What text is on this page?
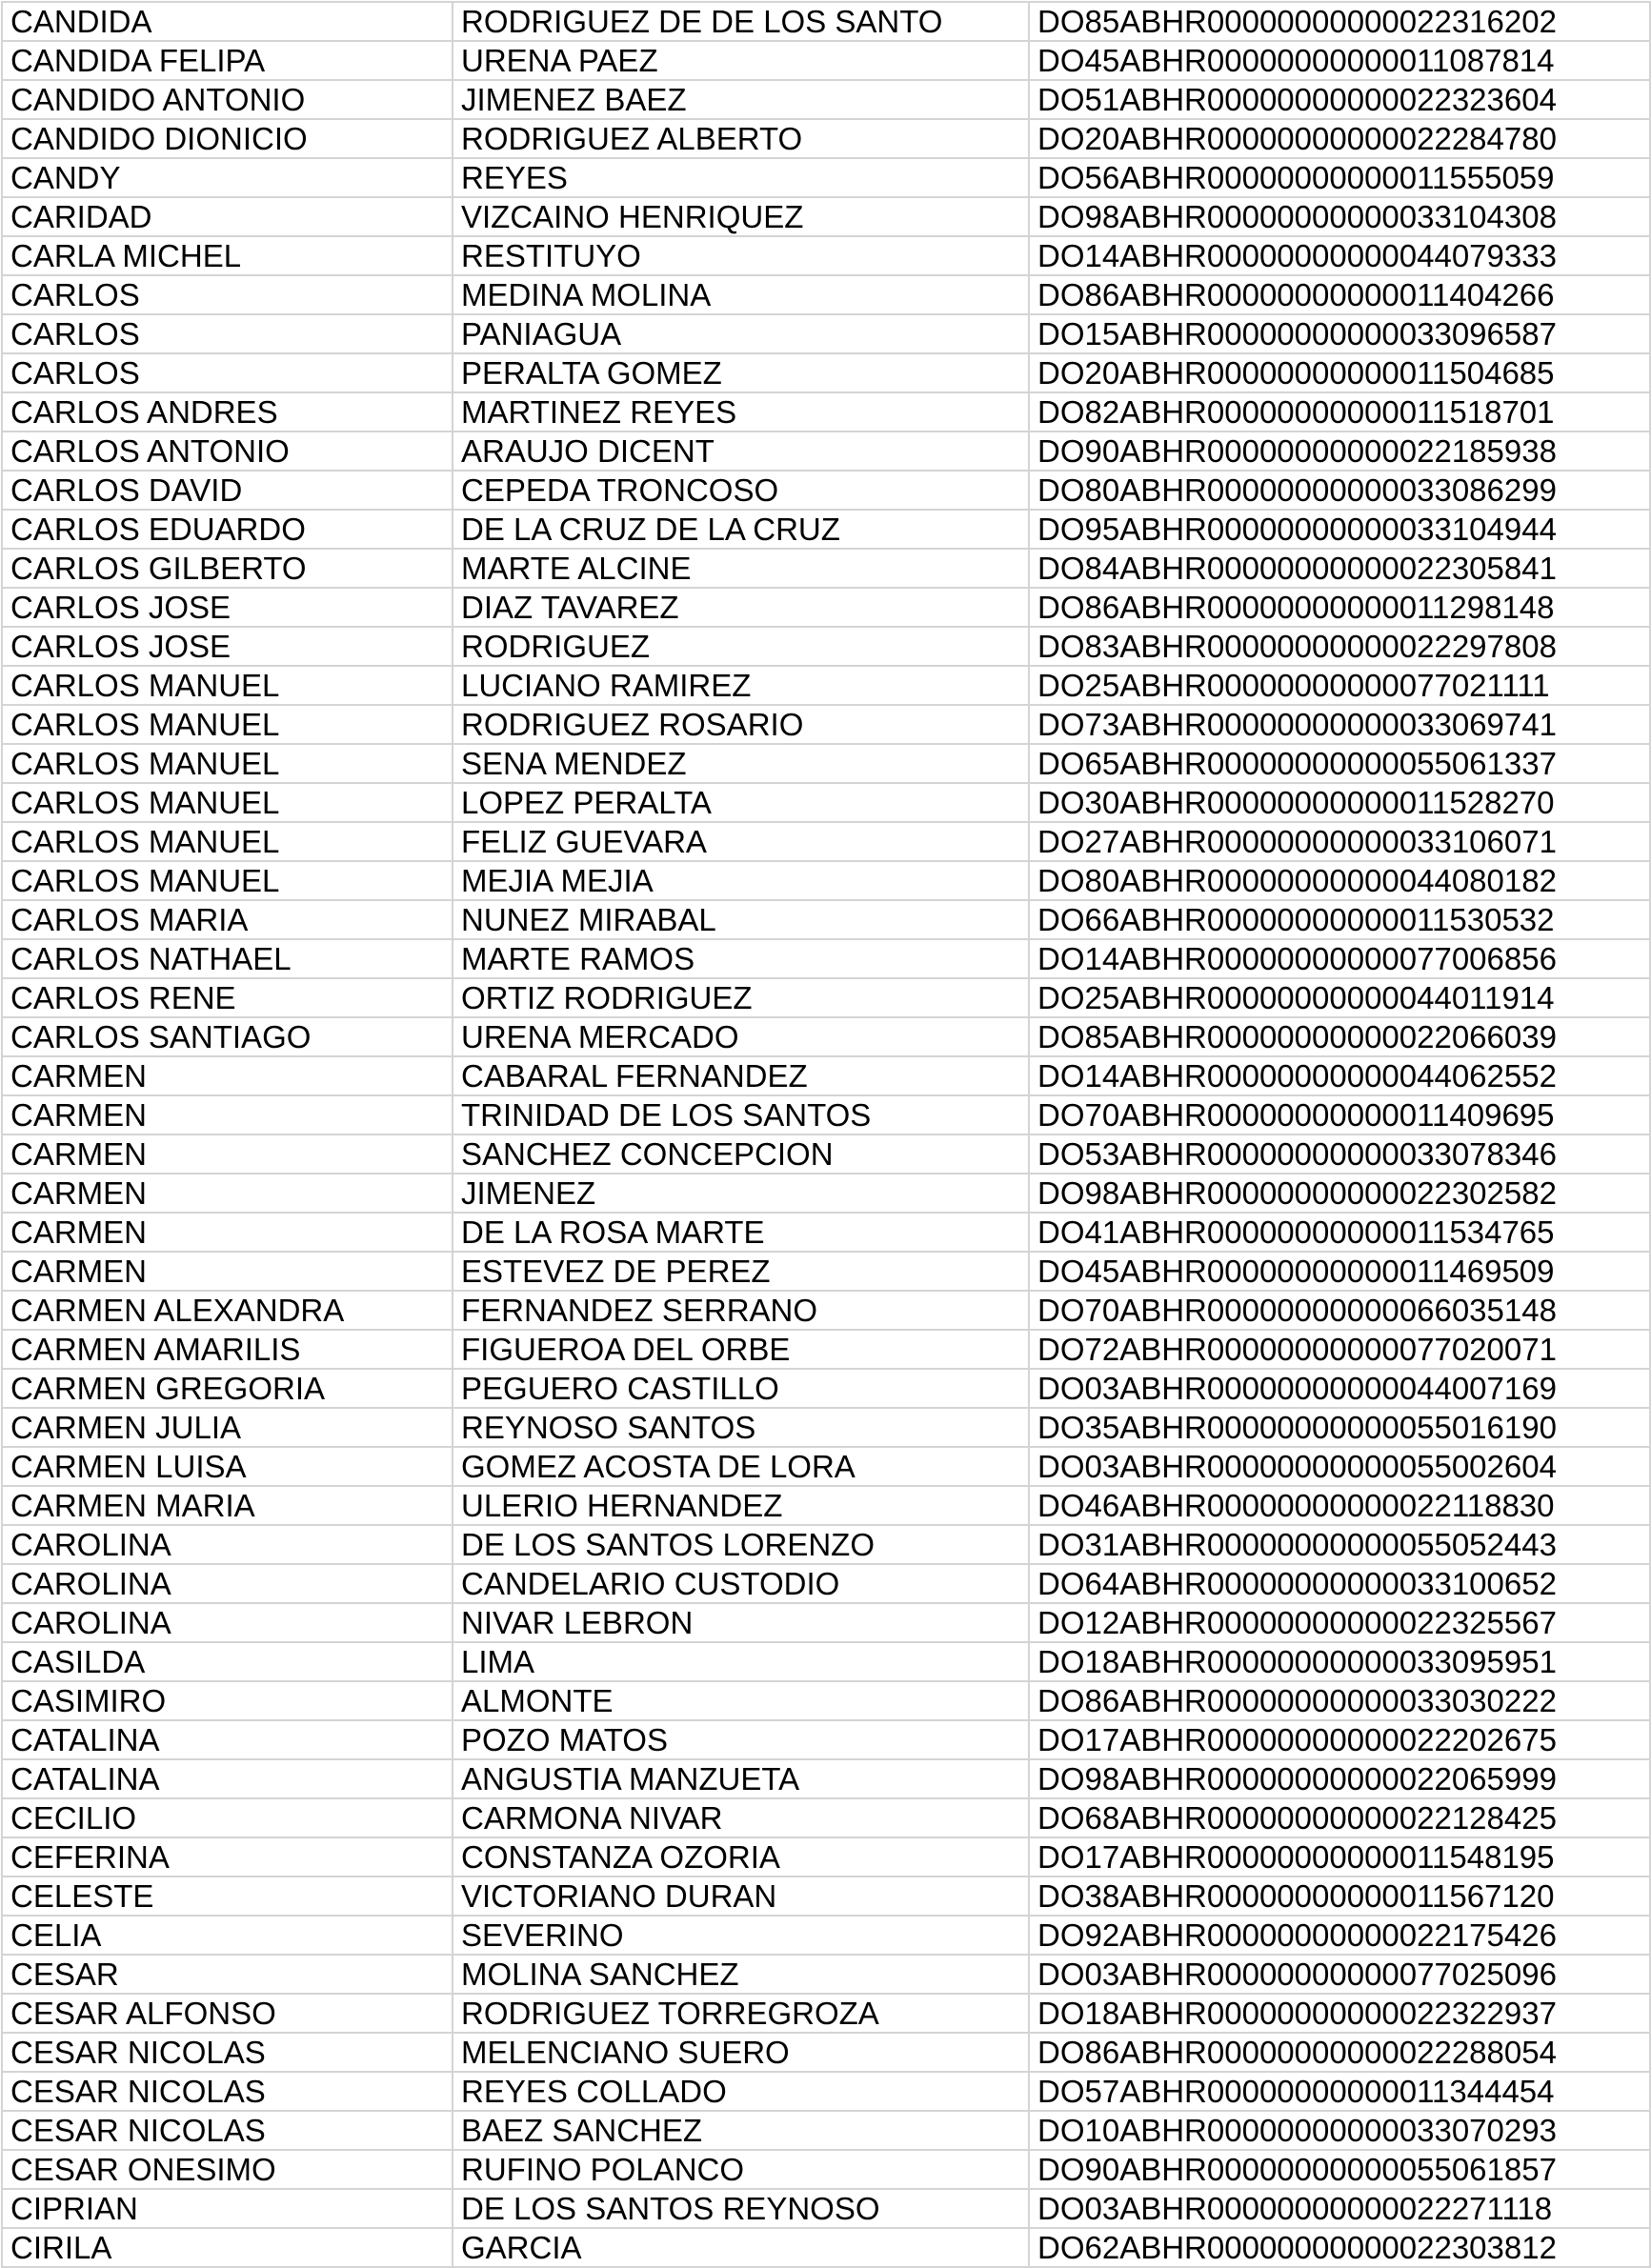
CANDIDA	RODRIGUEZ DE DE LOS SANTO	DO85ABHR00000000000022316202
CANDIDA FELIPA	URENA PAEZ	DO45ABHR00000000000011087814
CANDIDO ANTONIO	JIMENEZ BAEZ	DO51ABHR00000000000022323604
CANDIDO DIONICIO	RODRIGUEZ ALBERTO	DO20ABHR00000000000022284780
CANDY	REYES	DO56ABHR00000000000011555059
CARIDAD	VIZCAINO HENRIQUEZ	DO98ABHR00000000000033104308
CARLA MICHEL	RESTITUYO	DO14ABHR00000000000044079333
CARLOS	MEDINA MOLINA	DO86ABHR00000000000011404266
CARLOS	PANIAGUA	DO15ABHR00000000000033096587
CARLOS	PERALTA GOMEZ	DO20ABHR00000000000011504685
CARLOS ANDRES	MARTINEZ REYES	DO82ABHR00000000000011518701
CARLOS ANTONIO	ARAUJO DICENT	DO90ABHR00000000000022185938
CARLOS DAVID	CEPEDA TRONCOSO	DO80ABHR00000000000033086299
CARLOS EDUARDO	DE LA CRUZ DE LA CRUZ	DO95ABHR00000000000033104944
CARLOS GILBERTO	MARTE ALCINE	DO84ABHR00000000000022305841
CARLOS JOSE	DIAZ TAVAREZ	DO86ABHR00000000000011298148
CARLOS JOSE	RODRIGUEZ	DO83ABHR00000000000022297808
CARLOS MANUEL	LUCIANO RAMIREZ	DO25ABHR00000000000077021111
CARLOS MANUEL	RODRIGUEZ ROSARIO	DO73ABHR00000000000033069741
CARLOS MANUEL	SENA MENDEZ	DO65ABHR00000000000055061337
CARLOS MANUEL	LOPEZ PERALTA	DO30ABHR00000000000011528270
CARLOS MANUEL	FELIZ GUEVARA	DO27ABHR00000000000033106071
CARLOS MANUEL	MEJIA MEJIA	DO80ABHR00000000000044080182
CARLOS MARIA	NUNEZ MIRABAL	DO66ABHR00000000000011530532
CARLOS NATHAEL	MARTE RAMOS	DO14ABHR00000000000077006856
CARLOS RENE	ORTIZ RODRIGUEZ	DO25ABHR00000000000044011914
CARLOS SANTIAGO	URENA MERCADO	DO85ABHR00000000000022066039
CARMEN	CABARAL FERNANDEZ	DO14ABHR00000000000044062552
CARMEN	TRINIDAD DE LOS SANTOS	DO70ABHR00000000000011409695
CARMEN	SANCHEZ CONCEPCION	DO53ABHR00000000000033078346
CARMEN	JIMENEZ	DO98ABHR00000000000022302582
CARMEN	DE LA ROSA MARTE	DO41ABHR00000000000011534765
CARMEN	ESTEVEZ DE PEREZ	DO45ABHR00000000000011469509
CARMEN ALEXANDRA	FERNANDEZ SERRANO	DO70ABHR00000000000066035148
CARMEN AMARILIS	FIGUEROA DEL ORBE	DO72ABHR00000000000077020071
CARMEN GREGORIA	PEGUERO CASTILLO	DO03ABHR00000000000044007169
CARMEN JULIA	REYNOSO SANTOS	DO35ABHR00000000000055016190
CARMEN LUISA	GOMEZ ACOSTA DE LORA	DO03ABHR00000000000055002604
CARMEN MARIA	ULERIO HERNANDEZ	DO46ABHR00000000000022118830
CAROLINA	DE LOS SANTOS LORENZO	DO31ABHR00000000000055052443
CAROLINA	CANDELARIO CUSTODIO	DO64ABHR00000000000033100652
CAROLINA	NIVAR LEBRON	DO12ABHR00000000000022325567
CASILDA	LIMA	DO18ABHR00000000000033095951
CASIMIRO	ALMONTE	DO86ABHR00000000000033030222
CATALINA	POZO MATOS	DO17ABHR00000000000022202675
CATALINA	ANGUSTIA MANZUETA	DO98ABHR00000000000022065999
CECILIO	CARMONA NIVAR	DO68ABHR00000000000022128425
CEFERINA	CONSTANZA OZORIA	DO17ABHR00000000000011548195
CELESTE	VICTORIANO DURAN	DO38ABHR00000000000011567120
CELIA	SEVERINO	DO92ABHR00000000000022175426
CESAR	MOLINA SANCHEZ	DO03ABHR00000000000077025096
CESAR ALFONSO	RODRIGUEZ TORREGROZA	DO18ABHR00000000000022322937
CESAR NICOLAS	MELENCIANO SUERO	DO86ABHR00000000000022288054
CESAR NICOLAS	REYES COLLADO	DO57ABHR00000000000011344454
CESAR NICOLAS	BAEZ SANCHEZ	DO10ABHR00000000000033070293
CESAR ONESIMO	RUFINO POLANCO	DO90ABHR00000000000055061857
CIPRIAN	DE LOS SANTOS REYNOSO	DO03ABHR00000000000022271118
CIRILA	GARCIA	DO62ABHR00000000000022303812
